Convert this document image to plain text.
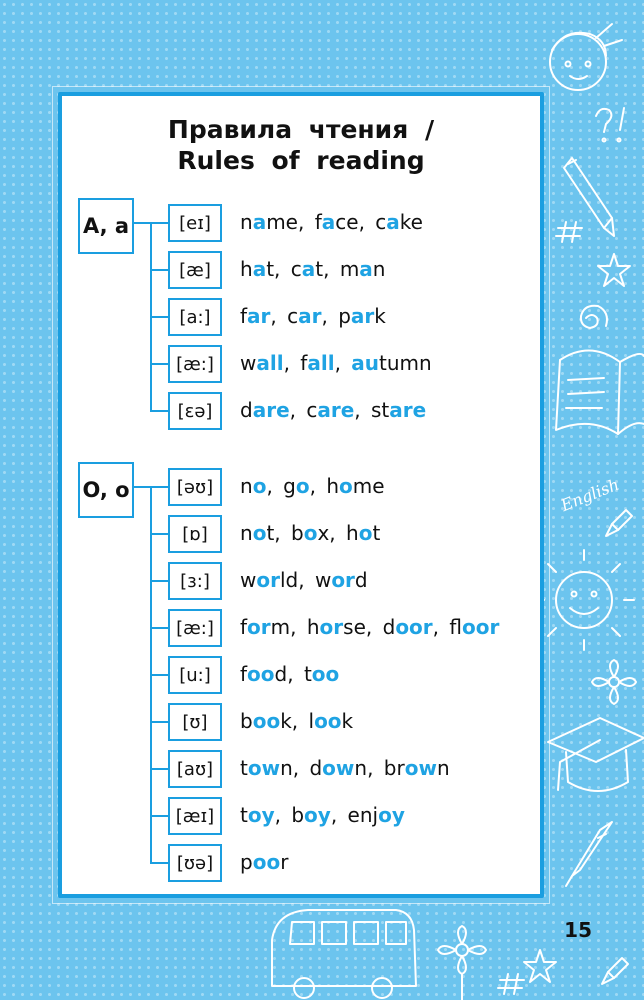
English
Правила чтения /
Rules of reading
A, a	[eɪ]	name, face, cake
[æ]	hat, cat, man
[a:]	far, car, park
[æ:]	wall, fall, autumn
[ɛə]	dare, care, stare
O, o	[əʊ]	no, go, home
[ɒ]	not, box, hot
[ɜ:]	world, word
[æ:]	form, horse, door, floor
[u:]	food, too
[ʊ]	book, look
[aʊ]	town, down, brown
[æɪ]	toy, boy, enjoy
[ʊə]	poor
15
